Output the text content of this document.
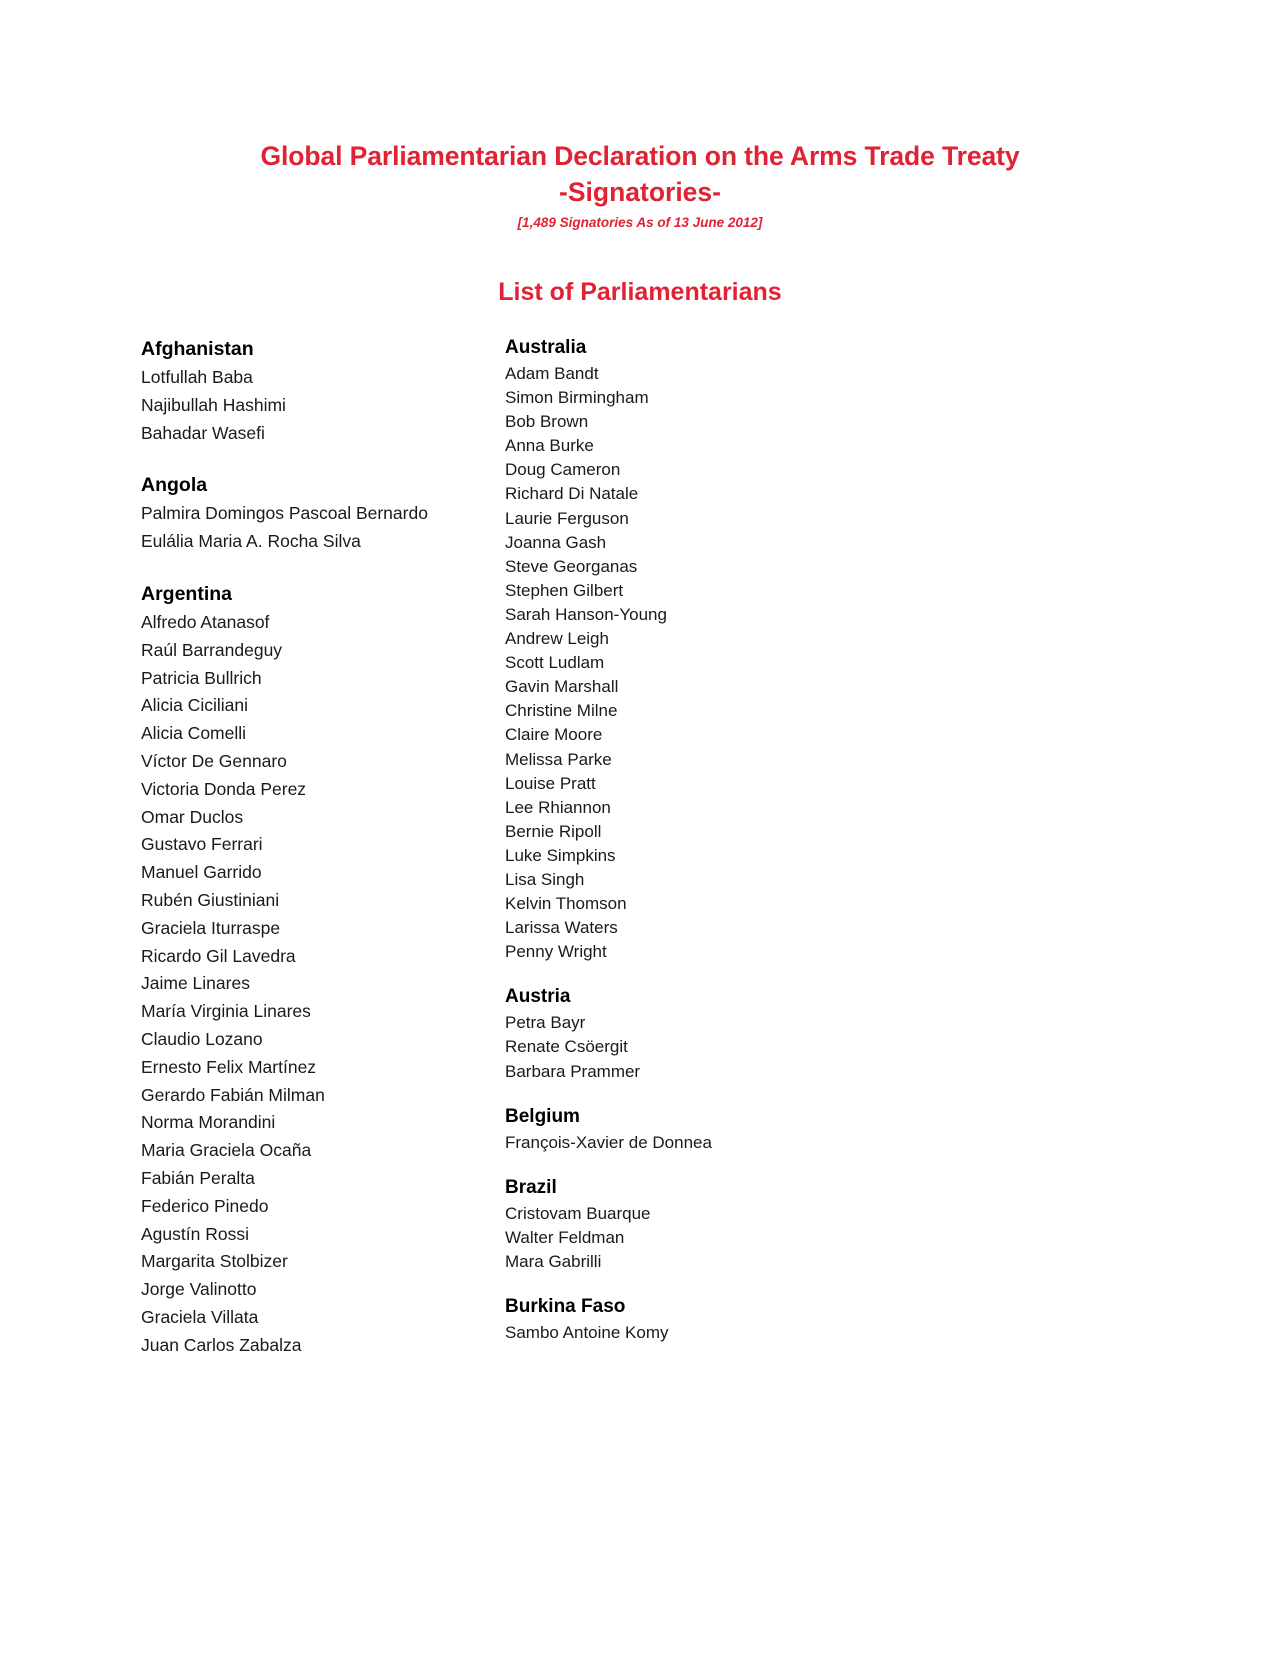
Global Parliamentarian Declaration on the Arms Trade Treaty
-Signatories-
[1,489 Signatories As of 13 June 2012]
List of Parliamentarians
Afghanistan
Lotfullah Baba
Najibullah Hashimi
Bahadar Wasefi
Angola
Palmira Domingos Pascoal Bernardo
Eulália Maria A. Rocha Silva
Argentina
Alfredo Atanasof
Raúl Barrandeguy
Patricia Bullrich
Alicia Ciciliani
Alicia Comelli
Víctor De Gennaro
Victoria Donda Perez
Omar Duclos
Gustavo Ferrari
Manuel Garrido
Rubén Giustiniani
Graciela Iturraspe
Ricardo Gil Lavedra
Jaime Linares
María Virginia Linares
Claudio Lozano
Ernesto Felix Martínez
Gerardo Fabián Milman
Norma Morandini
Maria Graciela Ocaña
Fabián Peralta
Federico Pinedo
Agustín Rossi
Margarita Stolbizer
Jorge Valinotto
Graciela Villata
Juan Carlos Zabalza
Australia
Adam Bandt
Simon Birmingham
Bob Brown
Anna Burke
Doug Cameron
Richard Di Natale
Laurie Ferguson
Joanna Gash
Steve Georganas
Stephen Gilbert
Sarah Hanson-Young
Andrew Leigh
Scott Ludlam
Gavin Marshall
Christine Milne
Claire Moore
Melissa Parke
Louise Pratt
Lee Rhiannon
Bernie Ripoll
Luke Simpkins
Lisa Singh
Kelvin Thomson
Larissa Waters
Penny Wright
Austria
Petra Bayr
Renate Csöergit
Barbara Prammer
Belgium
François-Xavier de Donnea
Brazil
Cristovam Buarque
Walter Feldman
Mara Gabrilli
Burkina Faso
Sambo Antoine Komy
